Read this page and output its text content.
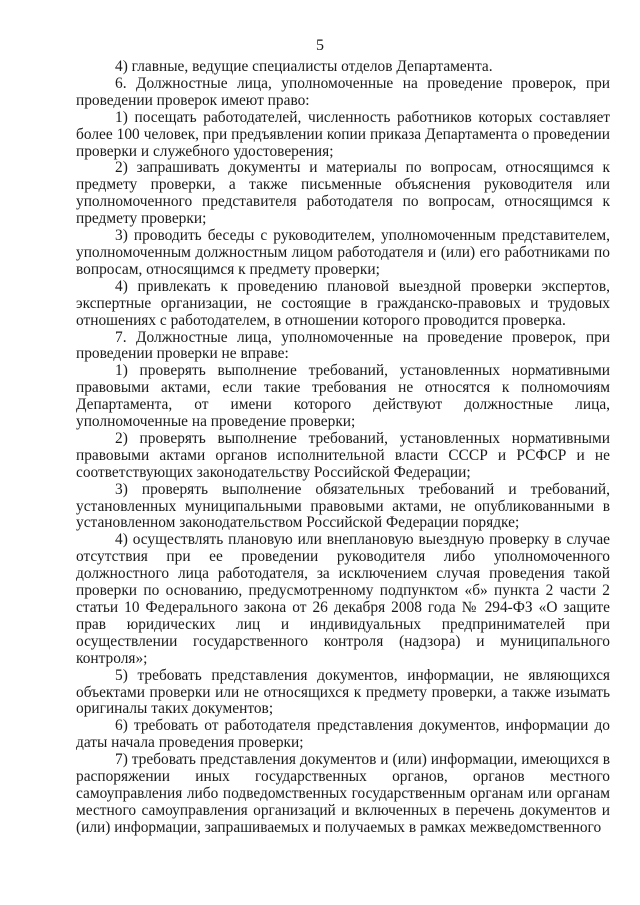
5

4) главные, ведущие специалисты отделов Департамента.

6. Должностные лица, уполномоченные на проведение проверок, при проведении проверок имеют право:

1) посещать работодателей, численность работников которых составляет более 100 человек, при предъявлении копии приказа Департамента о проведении проверки и служебного удостоверения;

2) запрашивать документы и материалы по вопросам, относящимся к предмету проверки, а также письменные объяснения руководителя или уполномоченного представителя работодателя по вопросам, относящимся к предмету проверки;

3) проводить беседы с руководителем, уполномоченным представителем, уполномоченным должностным лицом работодателя и (или) его работниками по вопросам, относящимся к предмету проверки;

4) привлекать к проведению плановой выездной проверки экспертов, экспертные организации, не состоящие в гражданско-правовых и трудовых отношениях с работодателем, в отношении которого проводится проверка.

7. Должностные лица, уполномоченные на проведение проверок, при проведении проверки не вправе:

1) проверять выполнение требований, установленных нормативными правовыми актами, если такие требования не относятся к полномочиям Департамента, от имени которого действуют должностные лица, уполномоченные на проведение проверки;

2) проверять выполнение требований, установленных нормативными правовыми актами органов исполнительной власти СССР и РСФСР и не соответствующих законодательству Российской Федерации;

3) проверять выполнение обязательных требований и требований, установленных муниципальными правовыми актами, не опубликованными в установленном законодательством Российской Федерации порядке;

4) осуществлять плановую или внеплановую выездную проверку в случае отсутствия при ее проведении руководителя либо уполномоченного должностного лица работодателя, за исключением случая проведения такой проверки по основанию, предусмотренному подпунктом «б» пункта 2 части 2 статьи 10 Федерального закона от 26 декабря 2008 года № 294-ФЗ «О защите прав юридических лиц и индивидуальных предпринимателей при осуществлении государственного контроля (надзора) и муниципального контроля»;

5) требовать представления документов, информации, не являющихся объектами проверки или не относящихся к предмету проверки, а также изымать оригиналы таких документов;

6) требовать от работодателя представления документов, информации до даты начала проведения проверки;

7) требовать представления документов и (или) информации, имеющихся в распоряжении иных государственных органов, органов местного самоуправления либо подведомственных государственным органам или органам местного самоуправления организаций и включенных в перечень документов и (или) информации, запрашиваемых и получаемых в рамках межведомственного
